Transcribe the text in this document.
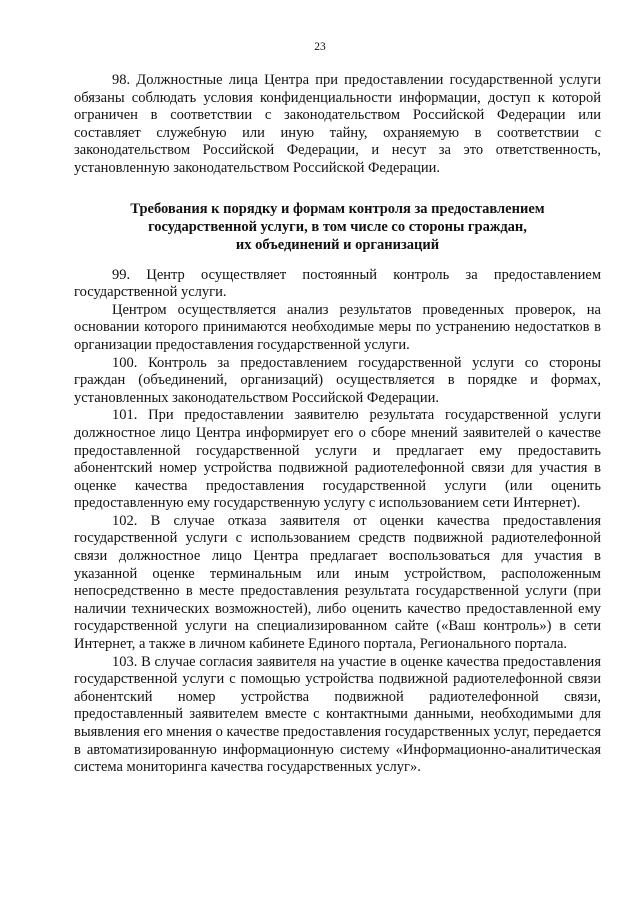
23

98. Должностные лица Центра при предоставлении государственной услуги обязаны соблюдать условия конфиденциальности информации, доступ к которой ограничен в соответствии с законодательством Российской Федерации или составляет служебную или иную тайну, охраняемую в соответствии с законодательством Российской Федерации, и несут за это ответственность, установленную законодательством Российской Федерации.

Требования к порядку и формам контроля за предоставлением
государственной услуги, в том числе со стороны граждан,
их объединений и организаций

99. Центр осуществляет постоянный контроль за предоставлением государственной услуги.

Центром осуществляется анализ результатов проведенных проверок, на основании которого принимаются необходимые меры по устранению недостатков в организации предоставления государственной услуги.

100. Контроль за предоставлением государственной услуги со стороны граждан (объединений, организаций) осуществляется в порядке и формах, установленных законодательством Российской Федерации.

101. При предоставлении заявителю результата государственной услуги должностное лицо Центра информирует его о сборе мнений заявителей о качестве предоставленной государственной услуги и предлагает ему предоставить абонентский номер устройства подвижной радиотелефонной связи для участия в оценке качества предоставления государственной услуги (или оценить предоставленную ему государственную услугу с использованием сети Интернет).

102. В случае отказа заявителя от оценки качества предоставления государственной услуги с использованием средств подвижной радиотелефонной связи должностное лицо Центра предлагает воспользоваться для участия в указанной оценке терминальным или иным устройством, расположенным непосредственно в месте предоставления результата государственной услуги (при наличии технических возможностей), либо оценить качество предоставленной ему государственной услуги на специализированном сайте («Ваш контроль») в сети Интернет, а также в личном кабинете Единого портала, Регионального портала.

103. В случае согласия заявителя на участие в оценке качества предоставления государственной услуги с помощью устройства подвижной радиотелефонной связи абонентский номер устройства подвижной радиотелефонной связи, предоставленный заявителем вместе с контактными данными, необходимыми для выявления его мнения о качестве предоставления государственных услуг, передается в автоматизированную информационную систему «Информационно-аналитическая система мониторинга качества государственных услуг».
